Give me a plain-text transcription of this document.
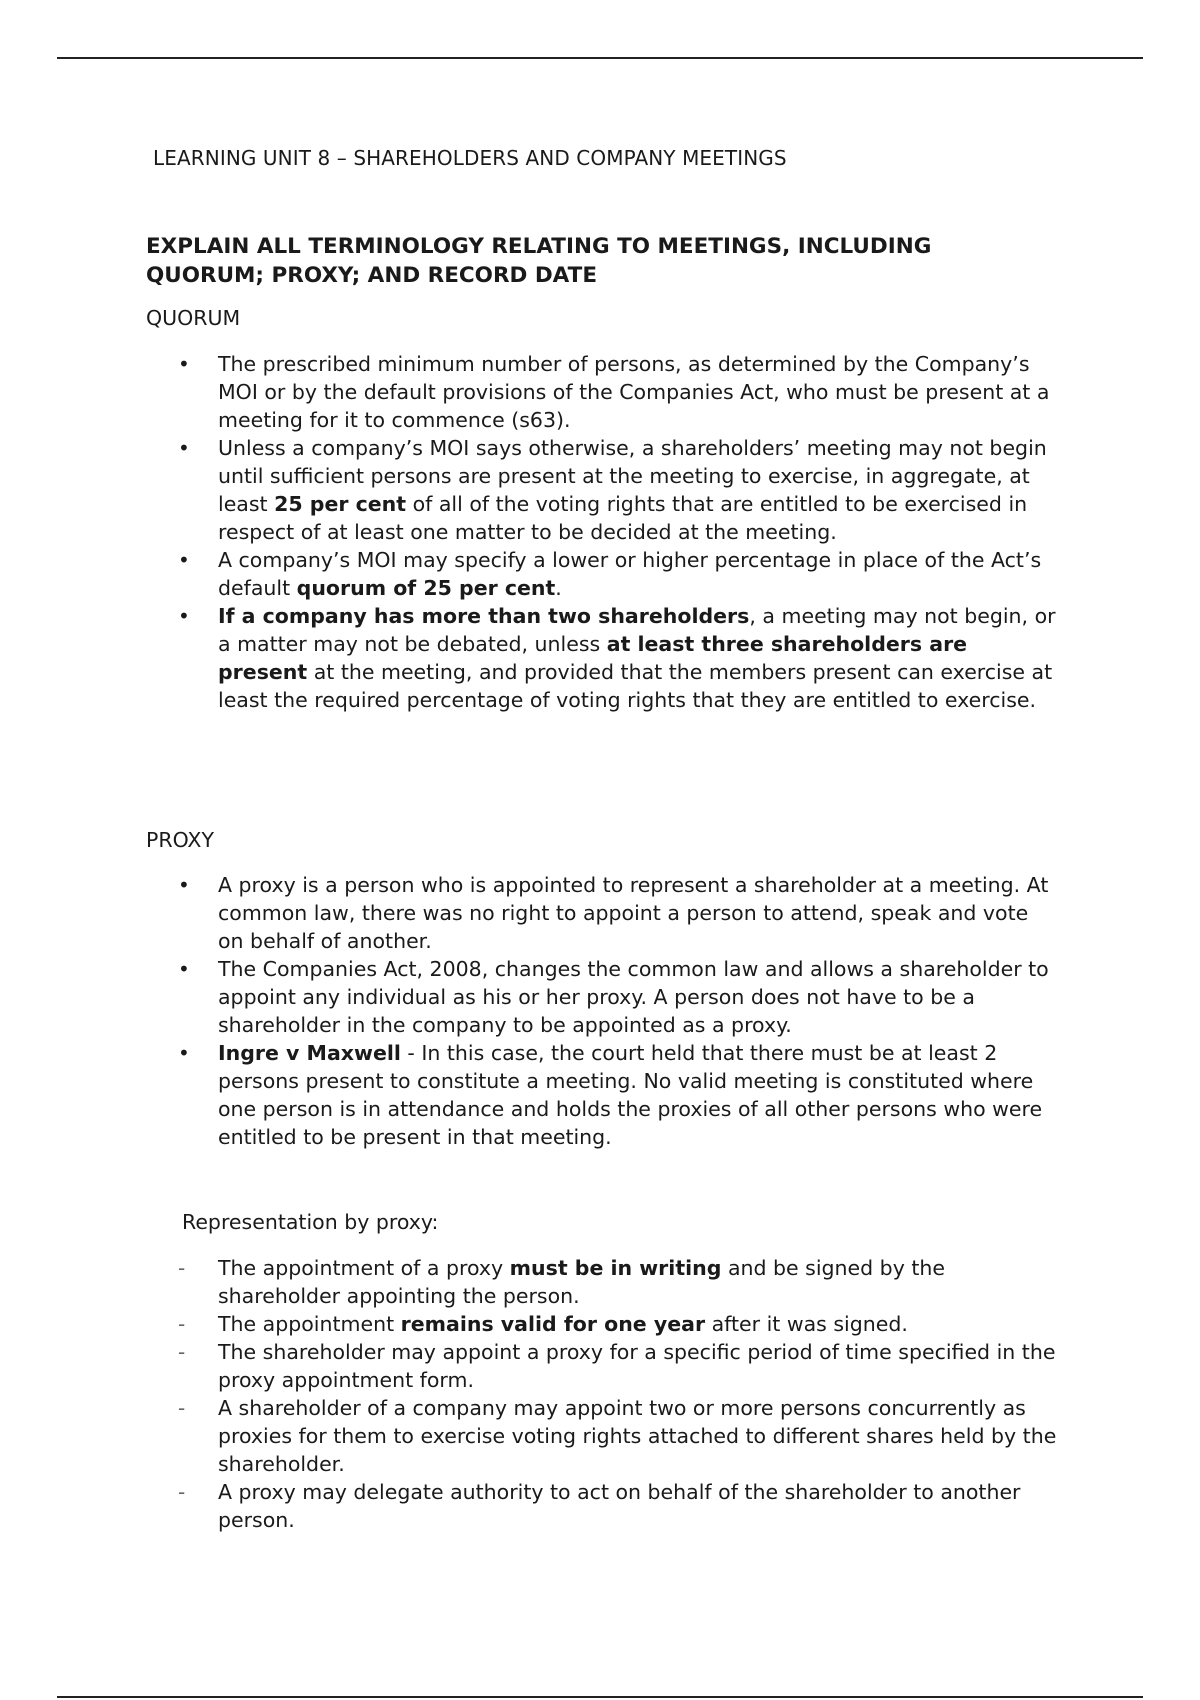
LEARNING UNIT 8 – SHAREHOLDERS AND COMPANY MEETINGS
EXPLAIN ALL TERMINOLOGY RELATING TO MEETINGS, INCLUDING
QUORUM; PROXY; AND RECORD DATE
QUORUM
• The prescribed minimum number of persons, as determined by the Company’s MOI or by the default provisions of the Companies Act, who must be present at a meeting for it to commence (s63).
• Unless a company’s MOI says otherwise, a shareholders’ meeting may not begin until sufficient persons are present at the meeting to exercise, in aggregate, at least 25 per cent of all of the voting rights that are entitled to be exercised in respect of at least one matter to be decided at the meeting.
• A company’s MOI may specify a lower or higher percentage in place of the Act’s default quorum of 25 per cent.
• If a company has more than two shareholders, a meeting may not begin, or a matter may not be debated, unless at least three shareholders are present at the meeting, and provided that the members present can exercise at least the required percentage of voting rights that they are entitled to exercise.
PROXY
• A proxy is a person who is appointed to represent a shareholder at a meeting. At common law, there was no right to appoint a person to attend, speak and vote on behalf of another.
• The Companies Act, 2008, changes the common law and allows a shareholder to appoint any individual as his or her proxy. A person does not have to be a shareholder in the company to be appointed as a proxy.
• Ingre v Maxwell - In this case, the court held that there must be at least 2 persons present to constitute a meeting. No valid meeting is constituted where one person is in attendance and holds the proxies of all other persons who were entitled to be present in that meeting.
Representation by proxy:
- The appointment of a proxy must be in writing and be signed by the shareholder appointing the person.
- The appointment remains valid for one year after it was signed.
- The shareholder may appoint a proxy for a specific period of time specified in the proxy appointment form.
- A shareholder of a company may appoint two or more persons concurrently as proxies for them to exercise voting rights attached to different shares held by the shareholder.
- A proxy may delegate authority to act on behalf of the shareholder to another person.
